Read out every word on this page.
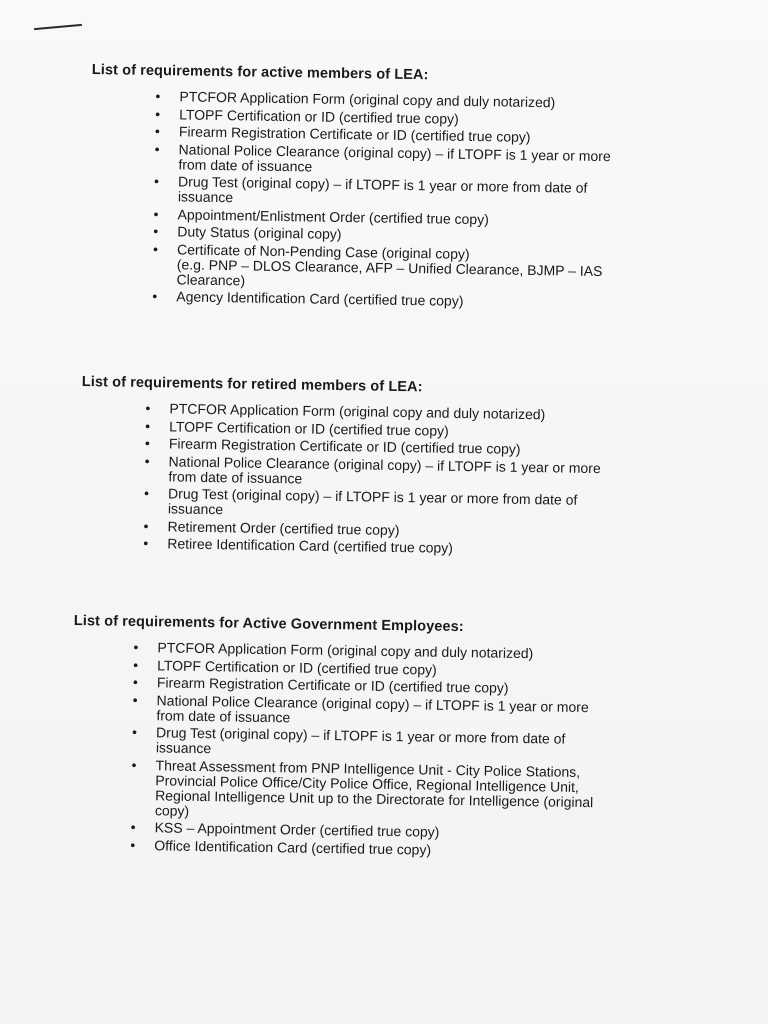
List of requirements for active members of LEA:
• PTCFOR Application Form (original copy and duly notarized)
• LTOPF Certification or ID (certified true copy)
• Firearm Registration Certificate or ID (certified true copy)
• National Police Clearance (original copy) – if LTOPF is 1 year or more
from date of issuance
• Drug Test (original copy) – if LTOPF is 1 year or more from date of
issuance
• Appointment/Enlistment Order (certified true copy)
• Duty Status (original copy)
• Certificate of Non-Pending Case (original copy)
(e.g. PNP – DLOS Clearance, AFP – Unified Clearance, BJMP – IAS
Clearance)
• Agency Identification Card (certified true copy)
List of requirements for retired members of LEA:
• PTCFOR Application Form (original copy and duly notarized)
• LTOPF Certification or ID (certified true copy)
• Firearm Registration Certificate or ID (certified true copy)
• National Police Clearance (original copy) – if LTOPF is 1 year or more
from date of issuance
• Drug Test (original copy) – if LTOPF is 1 year or more from date of
issuance
• Retirement Order (certified true copy)
• Retiree Identification Card (certified true copy)
List of requirements for Active Government Employees:
• PTCFOR Application Form (original copy and duly notarized)
• LTOPF Certification or ID (certified true copy)
• Firearm Registration Certificate or ID (certified true copy)
• National Police Clearance (original copy) – if LTOPF is 1 year or more
from date of issuance
• Drug Test (original copy) – if LTOPF is 1 year or more from date of
issuance
• Threat Assessment from PNP Intelligence Unit - City Police Stations,
Provincial Police Office/City Police Office, Regional Intelligence Unit,
Regional Intelligence Unit up to the Directorate for Intelligence (original
copy)
• KSS – Appointment Order (certified true copy)
• Office Identification Card (certified true copy)
